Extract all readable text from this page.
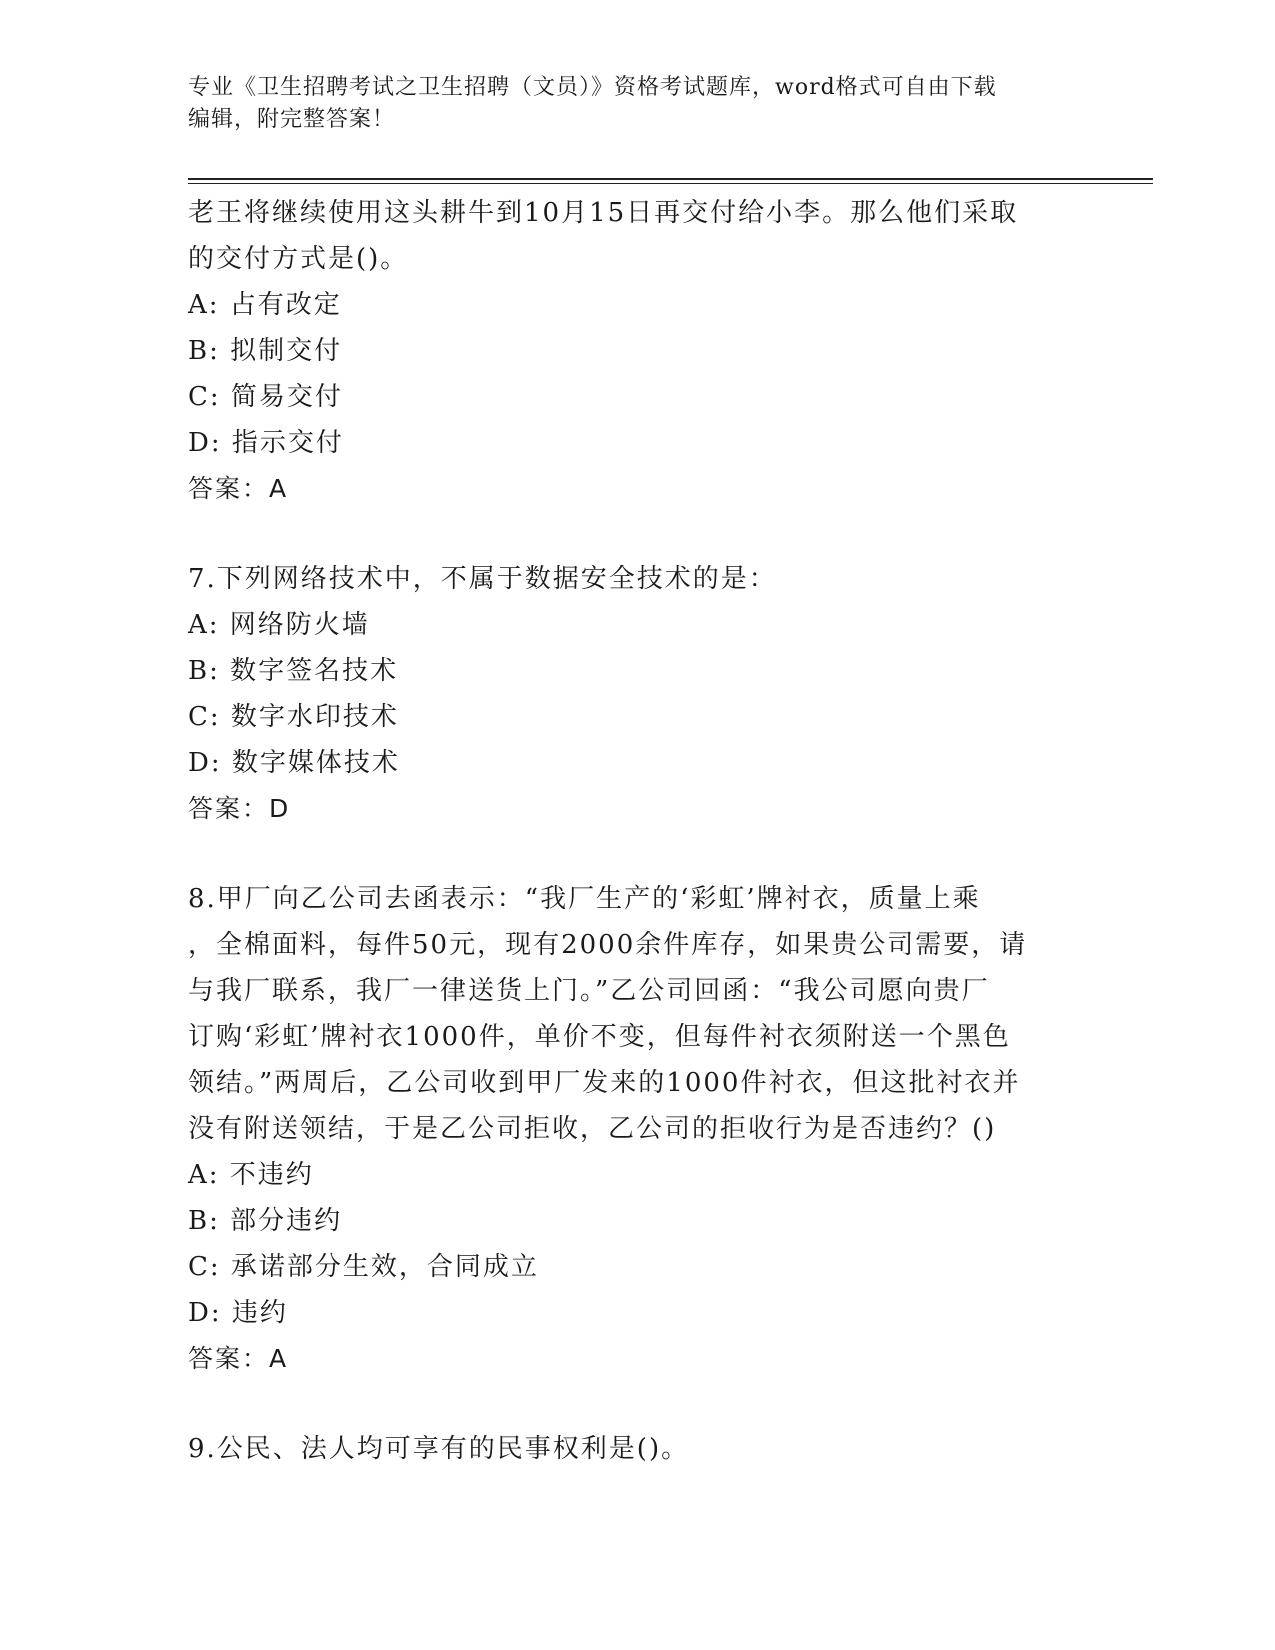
专业《卫生招聘考试之卫生招聘（文员）》资格考试题库，word格式可自由下载
编辑，附完整答案！

老王将继续使用这头耕牛到10月15日再交付给小李。那么他们采取

的交付方式是()。

A: 占有改定

B: 拟制交付

C: 简易交付

D: 指示交付

答案：A

7.下列网络技术中，不属于数据安全技术的是：

A: 网络防火墙

B: 数字签名技术

C: 数字水印技术

D: 数字媒体技术

答案：D

8.甲厂向乙公司去函表示：“我厂生产的‘彩虹’牌衬衣，质量上乘

，全棉面料，每件50元，现有2000余件库存，如果贵公司需要，请

与我厂联系，我厂一律送货上门。”乙公司回函：“我公司愿向贵厂

订购‘彩虹’牌衬衣1000件，单价不变，但每件衬衣须附送一个黑色

领结。”两周后，乙公司收到甲厂发来的1000件衬衣，但这批衬衣并

没有附送领结，于是乙公司拒收，乙公司的拒收行为是否违约？()

A: 不违约

B: 部分违约

C: 承诺部分生效，合同成立

D: 违约

答案：A

9.公民、法人均可享有的民事权利是()。
